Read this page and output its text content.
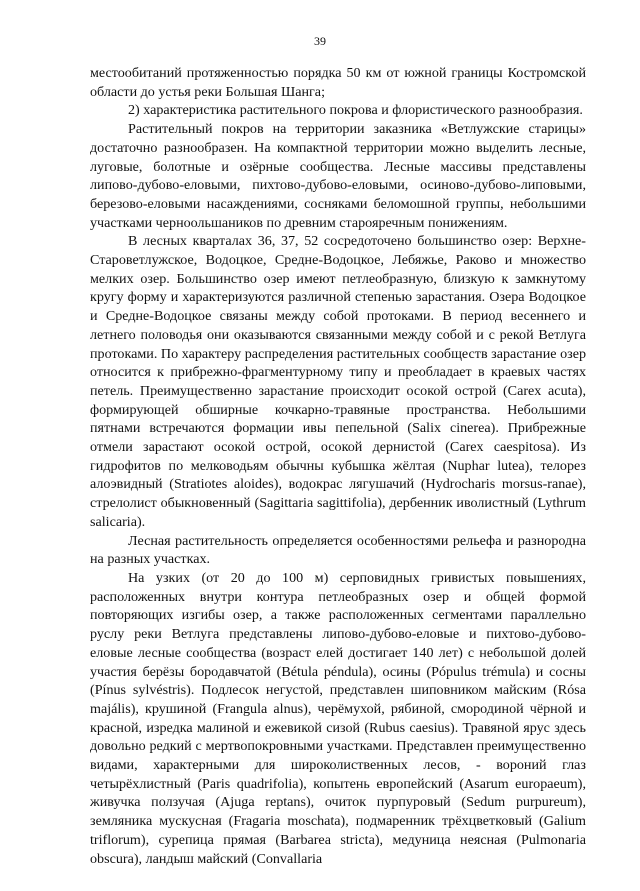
39

местообитаний протяженностью порядка 50 км от южной границы Костромской области до устья реки Большая Шанга;

2) характеристика растительного покрова и флористического разнообразия.

Растительный покров на территории заказника «Ветлужские старицы» достаточно разнообразен. На компактной территории можно выделить лесные, луговые, болотные и озёрные сообщества. Лесные массивы представлены липово-дубово-еловыми, пихтово-дубово-еловыми, осиново-дубово-липовыми, березово-еловыми насаждениями, сосняками беломошной группы, небольшими участками черноольшаников по древним старояречным понижениям.

В лесных кварталах 36, 37, 52 сосредоточено большинство озер: Верхне-Староветлужское, Водоцкое, Средне-Водоцкое, Лебяжье, Раково и множество мелких озер. Большинство озер имеют петлеобразную, близкую к замкнутому кругу форму и характеризуются различной степенью зарастания. Озера Водоцкое и Средне-Водоцкое связаны между собой протоками. В период весеннего и летнего половодья они оказываются связанными между собой и с рекой Ветлуга протоками. По характеру распределения растительных сообществ зарастание озер относится к прибрежно-фрагментурному типу и преобладает в краевых частях петель. Преимущественно зарастание происходит осокой острой (Carex acuta), формирующей обширные кочкарно-травяные пространства. Небольшими пятнами встречаются формации ивы пепельной (Salix cinerea). Прибрежные отмели зарастают осокой острой, осокой дернистой (Carex caespitosa). Из гидрофитов по мелководьям обычны кубышка жёлтая (Nuphar lutea), телорез алоэвидный (Stratiotes aloides), водокрас лягушачий (Hydrocharis morsus-ranae), стрелолист обыкновенный (Sagittaria sagittifolia), дербенник иволистный (Lythrum salicaria).

Лесная растительность определяется особенностями рельефа и разнородна на разных участках.

На узких (от 20 до 100 м) серповидных гривистых повышениях, расположенных внутри контура петлеобразных озер и общей формой повторяющих изгибы озер, а также расположенных сегментами параллельно руслу реки Ветлуга представлены липово-дубово-еловые и пихтово-дубово-еловые лесные сообщества (возраст елей достигает 140 лет) с небольшой долей участия берёзы бородавчатой (Bétula péndula), осины (Pópulus trémula) и сосны (Pínus sylvéstris). Подлесок негустой, представлен шиповником майским (Rósa majális), крушиной (Frangula alnus), черёмухой, рябиной, смородиной чёрной и красной, изредка малиной и ежевикой сизой (Rubus caesius). Травяной ярус здесь довольно редкий с мертвопокровными участками. Представлен преимущественно видами, характерными для широколиственных лесов, - вороний глаз четырёхлистный (Paris quadrifolia), копытень европейский (Asarum europaeum), живучка ползучая (Ajuga reptans), очиток пурпуровый (Sedum purpureum), земляника мускусная (Fragaria moschata), подмаренник трёхцветковый (Galium triflorum), сурепица прямая (Barbarea stricta), медуница неясная (Pulmonaria obscura), ландыш майский (Convallaria
